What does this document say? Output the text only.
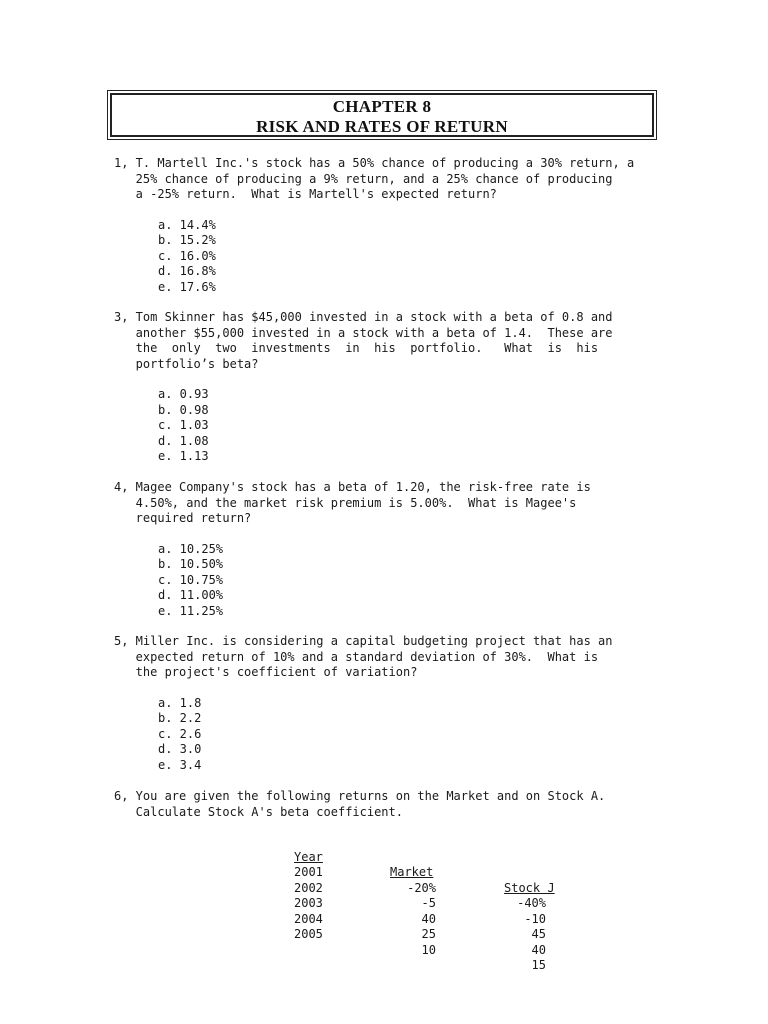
CHAPTER 8
RISK AND RATES OF RETURN
1, T. Martell Inc.'s stock has a 50% chance of producing a 30% return, a
25% chance of producing a 9% return, and a 25% chance of producing
a -25% return.  What is Martell's expected return?
a. 14.4%
b. 15.2%
c. 16.0%
d. 16.8%
e. 17.6%
3, Tom Skinner has $45,000 invested in a stock with a beta of 0.8 and
another $55,000 invested in a stock with a beta of 1.4.  These are
the  only  two  investments  in  his  portfolio.   What  is  his
portfolio’s beta?
a. 0.93
b. 0.98
c. 1.03
d. 1.08
e. 1.13
4, Magee Company's stock has a beta of 1.20, the risk-free rate is
4.50%, and the market risk premium is 5.00%.  What is Magee's
required return?
a. 10.25%
b. 10.50%
c. 10.75%
d. 11.00%
e. 11.25%
5, Miller Inc. is considering a capital budgeting project that has an
expected return of 10% and a standard deviation of 30%.  What is
the project's coefficient of variation?
a. 1.8
b. 2.2
c. 2.6
d. 3.0
e. 3.4
6, You are given the following returns on the Market and on Stock A.
Calculate Stock A's beta coefficient.

Year

Market

Stock J

2001

-20%

-40%

2002

-5

-10

2003

40

45

2004

25

40

2005

10

15
